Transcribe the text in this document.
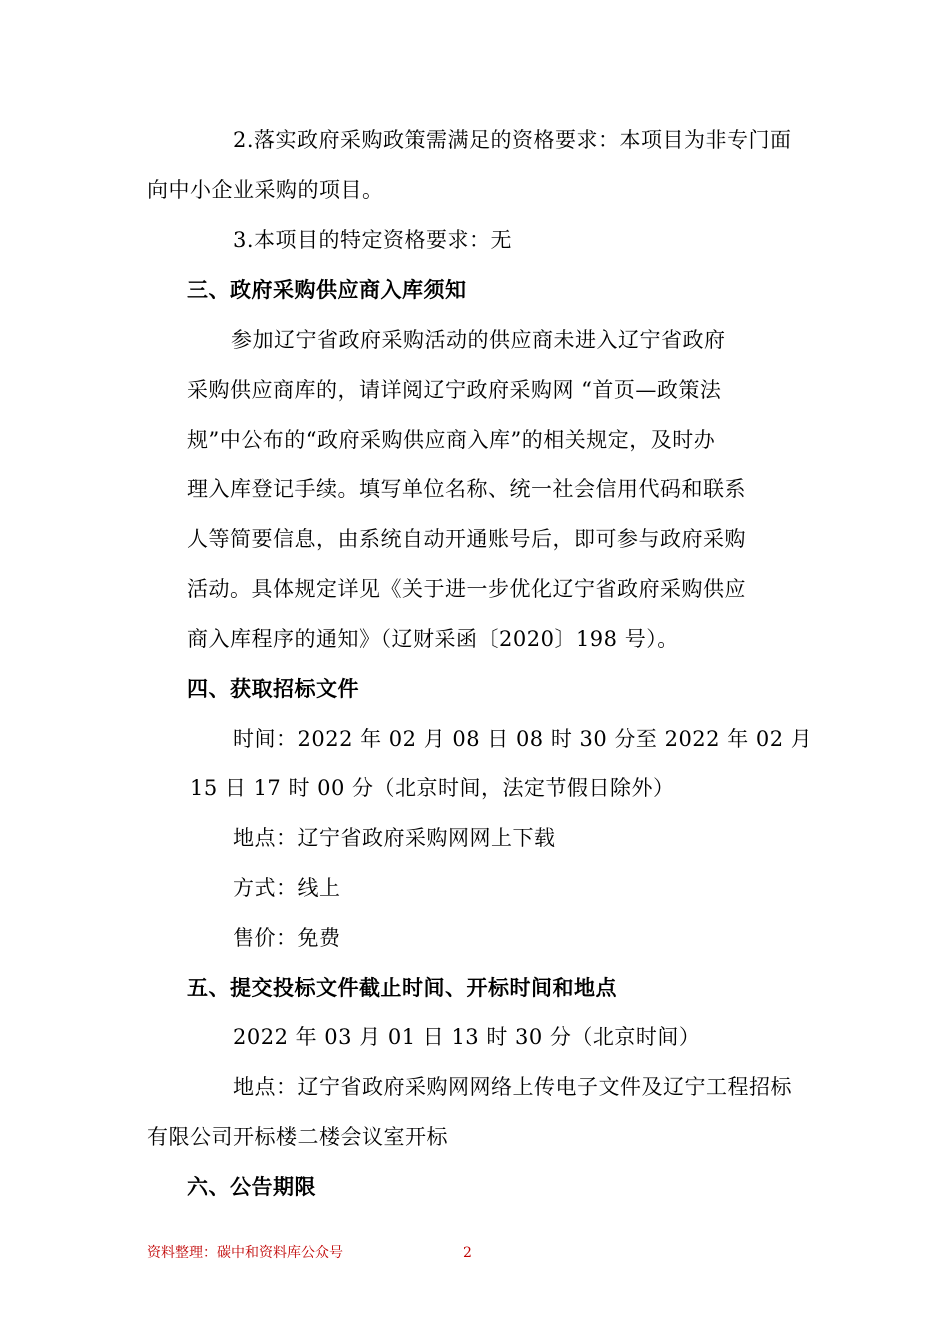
2.落实政府采购政策需满足的资格要求：本项目为非专门面
向中小企业采购的项目。
3.本项目的特定资格要求：无
三、政府采购供应商入库须知
参加辽宁省政府采购活动的供应商未进入辽宁省政府
采购供应商库的，请详阅辽宁政府采购网 “首页—政策法
规”中公布的“政府采购供应商入库”的相关规定，及时办
理入库登记手续。填写单位名称、统一社会信用代码和联系
人等简要信息，由系统自动开通账号后，即可参与政府采购
活动。具体规定详见《关于进一步优化辽宁省政府采购供应
商入库程序的通知》（辽财采函〔2020〕198 号）。
四、获取招标文件
时间：2022 年 02 月 08 日 08 时 30 分至 2022 年 02 月
15 日 17 时 00 分（北京时间，法定节假日除外）
地点：辽宁省政府采购网网上下载
方式：线上
售价：免费
五、提交投标文件截止时间、开标时间和地点
2022 年 03 月 01 日 13 时 30 分（北京时间）
地点：辽宁省政府采购网网络上传电子文件及辽宁工程招标
有限公司开标楼二楼会议室开标
六、公告期限
资料整理：碳中和资料库公众号	2
